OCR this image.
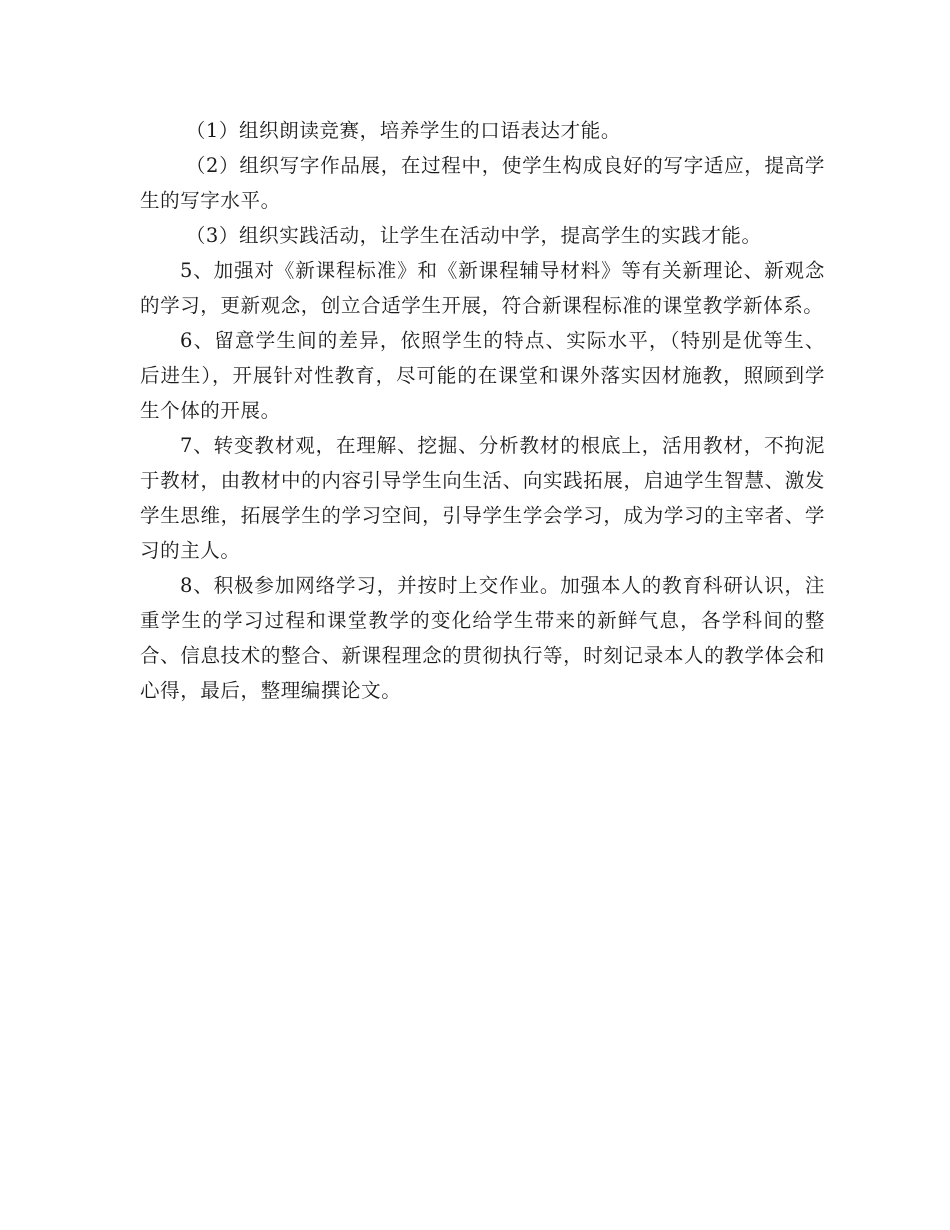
（1）组织朗读竞赛，培养学生的口语表达才能。

（2）组织写字作品展，在过程中，使学生构成良好的写字适应，提高学生的写字水平。

（3）组织实践活动，让学生在活动中学，提高学生的实践才能。

5、加强对《新课程标准》和《新课程辅导材料》等有关新理论、新观念的学习，更新观念，创立合适学生开展，符合新课程标准的课堂教学新体系。

6、留意学生间的差异，依照学生的特点、实际水平，（特别是优等生、后进生），开展针对性教育，尽可能的在课堂和课外落实因材施教，照顾到学生个体的开展。

7、转变教材观，在理解、挖掘、分析教材的根底上，活用教材，不拘泥于教材，由教材中的内容引导学生向生活、向实践拓展，启迪学生智慧、激发学生思维，拓展学生的学习空间，引导学生学会学习，成为学习的主宰者、学习的主人。

8、积极参加网络学习，并按时上交作业。加强本人的教育科研认识，注重学生的学习过程和课堂教学的变化给学生带来的新鲜气息，各学科间的整合、信息技术的整合、新课程理念的贯彻执行等，时刻记录本人的教学体会和心得，最后，整理编撰论文。
